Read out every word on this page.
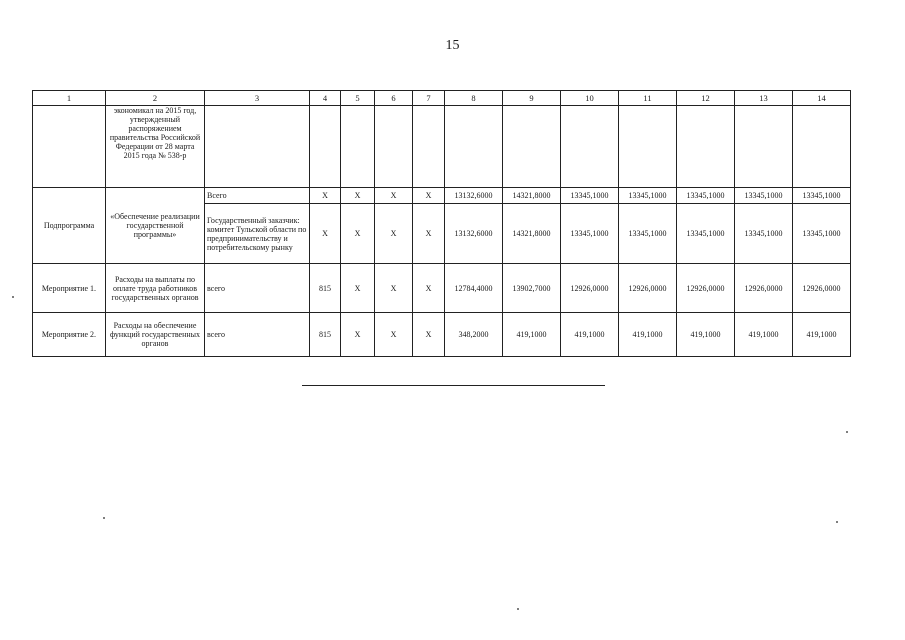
15
1	2	3	4	5	6	7	8	9	10	11	12	13	14
	экономикал на 2015 год, утвержденный распоряжением правительства Российской Федерации от 28 марта 2015 года № 538-р												
Подпрограмма	«Обеспечение реализации государственной программы»	Всего	X	X	X	X	13132,6000	14321,8000	13345,1000	13345,1000	13345,1000	13345,1000	13345,1000
		Государственный заказчик: комитет Тульской области по предпринимательству и потребительскому рынку	X	X	X	X	13132,6000	14321,8000	13345,1000	13345,1000	13345,1000	13345,1000	13345,1000
Мероприятие 1.	Расходы на выплаты по оплате труда работников государственных органов	всего	815	X	X	X	12784,4000	13902,7000	12926,0000	12926,0000	12926,0000	12926,0000	12926,0000
Мероприятие 2.	Расходы на обеспечение функций государственных органов	всего	815	X	X	X	348,2000	419,1000	419,1000	419,1000	419,1000	419,1000	419,1000
